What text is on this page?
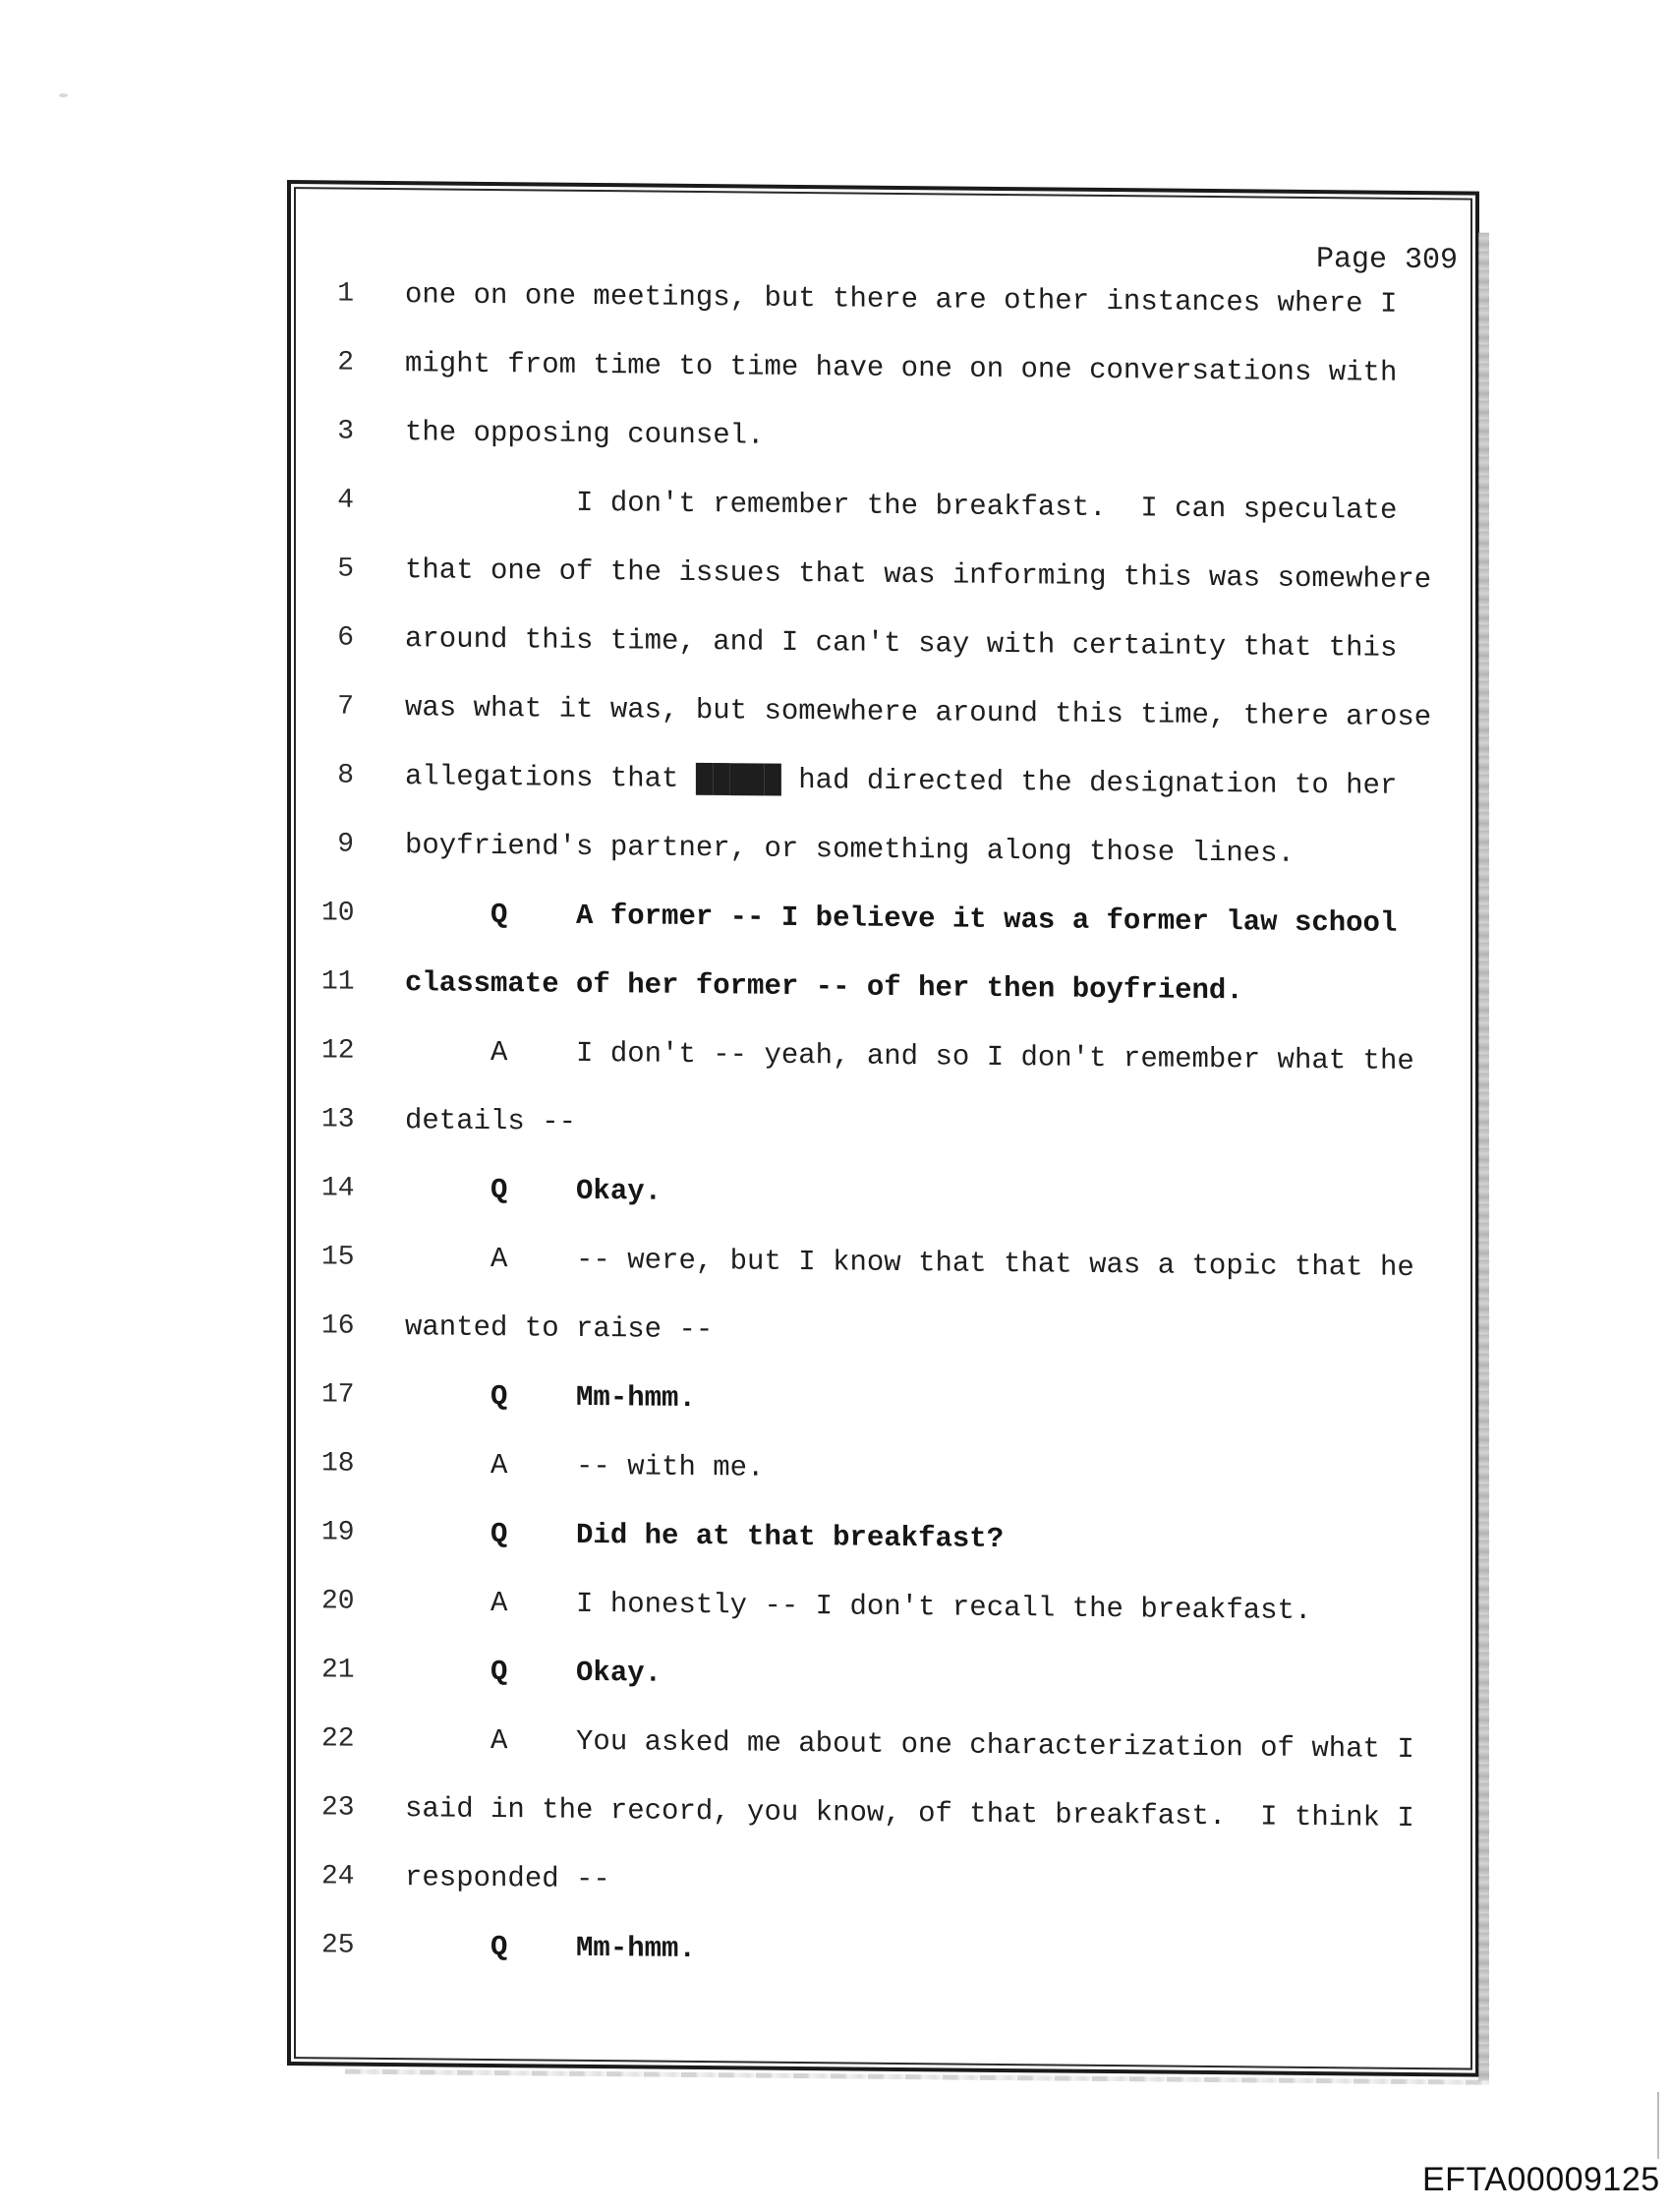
Page 309
1 one on one meetings, but there are other instances where I
2 might from time to time have one on one conversations with
3 the opposing counsel.
4 I don't remember the breakfast.  I can speculate
5 that one of the issues that was informing this was somewhere
6 around this time, and I can't say with certainty that this
7 was what it was, but somewhere around this time, there arose
8 allegations that █████ had directed the designation to her
9 boyfriend's partner, or something along those lines.
10 Q    A former -- I believe it was a former law school
11 classmate of her former -- of her then boyfriend.
12 A    I don't -- yeah, and so I don't remember what the
13 details --
14 Q    Okay.
15 A    -- were, but I know that that was a topic that he
16 wanted to raise --
17 Q    Mm-hmm.
18 A    -- with me.
19 Q    Did he at that breakfast?
20 A    I honestly -- I don't recall the breakfast.
21 Q    Okay.
22 A    You asked me about one characterization of what I
23 said in the record, you know, of that breakfast.  I think I
24 responded --
25 Q    Mm-hmm.
EFTA00009125
